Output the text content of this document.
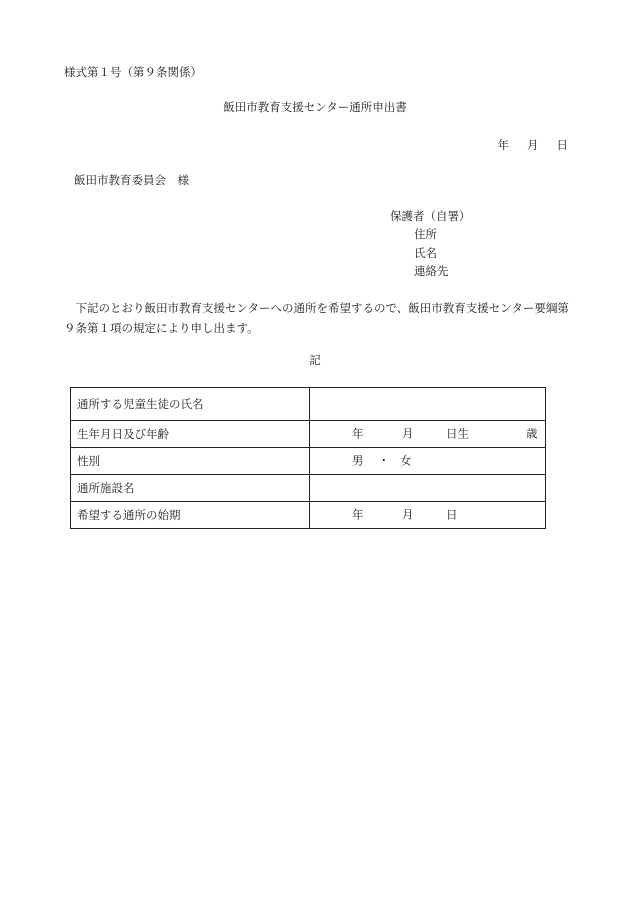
様式第１号（第９条関係）
飯田市教育支援センター通所申出書
年 月 日
飯田市教育委員会　様
保護者（自署）
住所
氏名
連絡先
下記のとおり飯田市教育支援センターへの通所を希望するので、飯田市教育支援センター要綱第９条第１項の規定により申し出ます。
記
通所する児童生徒の氏名	
生年月日及び年齢	年 月 日生 歳

性別	男 ・ 女

通所施設名	
希望する通所の始期	年 月 日
